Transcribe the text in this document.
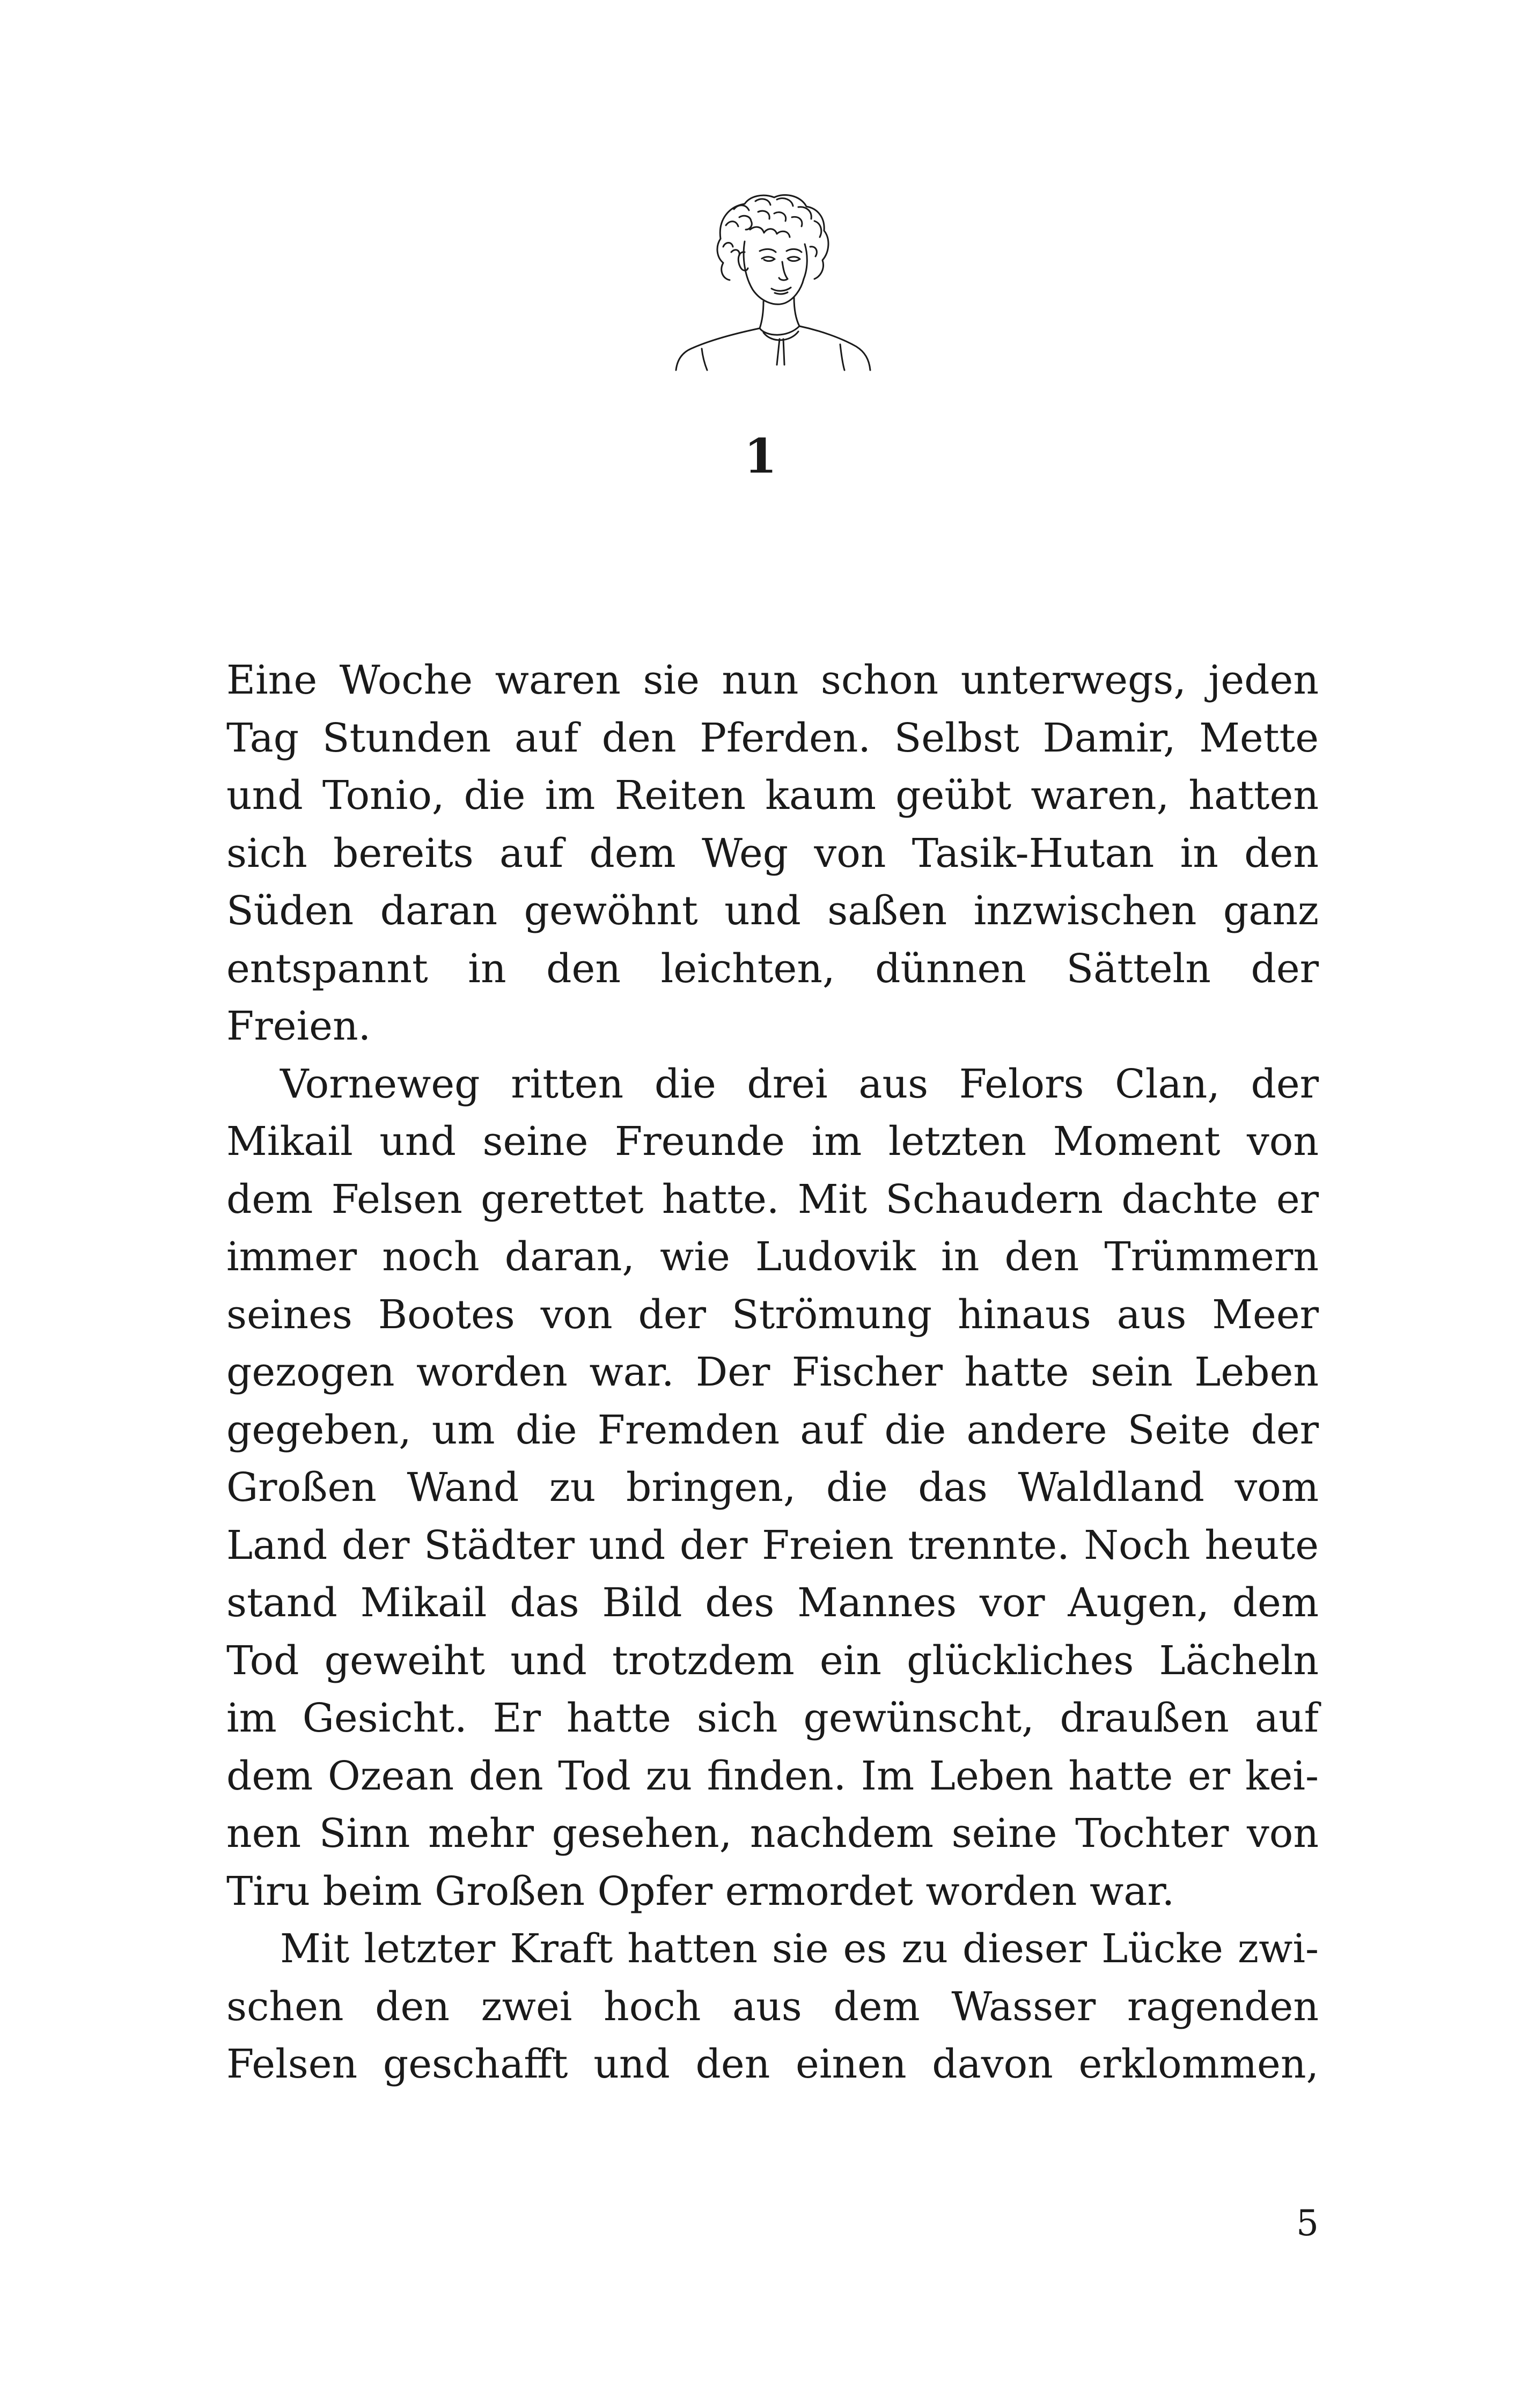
1
Eine Woche waren sie nun schon unterwegs, jeden
Tag Stunden auf den Pferden. Selbst Damir, Mette
und Tonio, die im Reiten kaum geübt waren, hatten
sich bereits auf dem Weg von Tasik-Hutan in den
Süden daran gewöhnt und saßen inzwischen ganz
entspannt in den leichten, dünnen Sätteln der
Freien.
Vorneweg ritten die drei aus Felors Clan, der
Mikail und seine Freunde im letzten Moment von
dem Felsen gerettet hatte. Mit Schaudern dachte er
immer noch daran, wie Ludovik in den Trümmern
seines Bootes von der Strömung hinaus aus Meer
gezogen worden war. Der Fischer hatte sein Leben
gegeben, um die Fremden auf die andere Seite der
Großen Wand zu bringen, die das Waldland vom
Land der Städter und der Freien trennte. Noch heute
stand Mikail das Bild des Mannes vor Augen, dem
Tod geweiht und trotzdem ein glückliches Lächeln
im Gesicht. Er hatte sich gewünscht, draußen auf
dem Ozean den Tod zu finden. Im Leben hatte er kei-
nen Sinn mehr gesehen, nachdem seine Tochter von
Tiru beim Großen Opfer ermordet worden war.
Mit letzter Kraft hatten sie es zu dieser Lücke zwi-
schen den zwei hoch aus dem Wasser ragenden
Felsen geschafft und den einen davon erklommen,
5
